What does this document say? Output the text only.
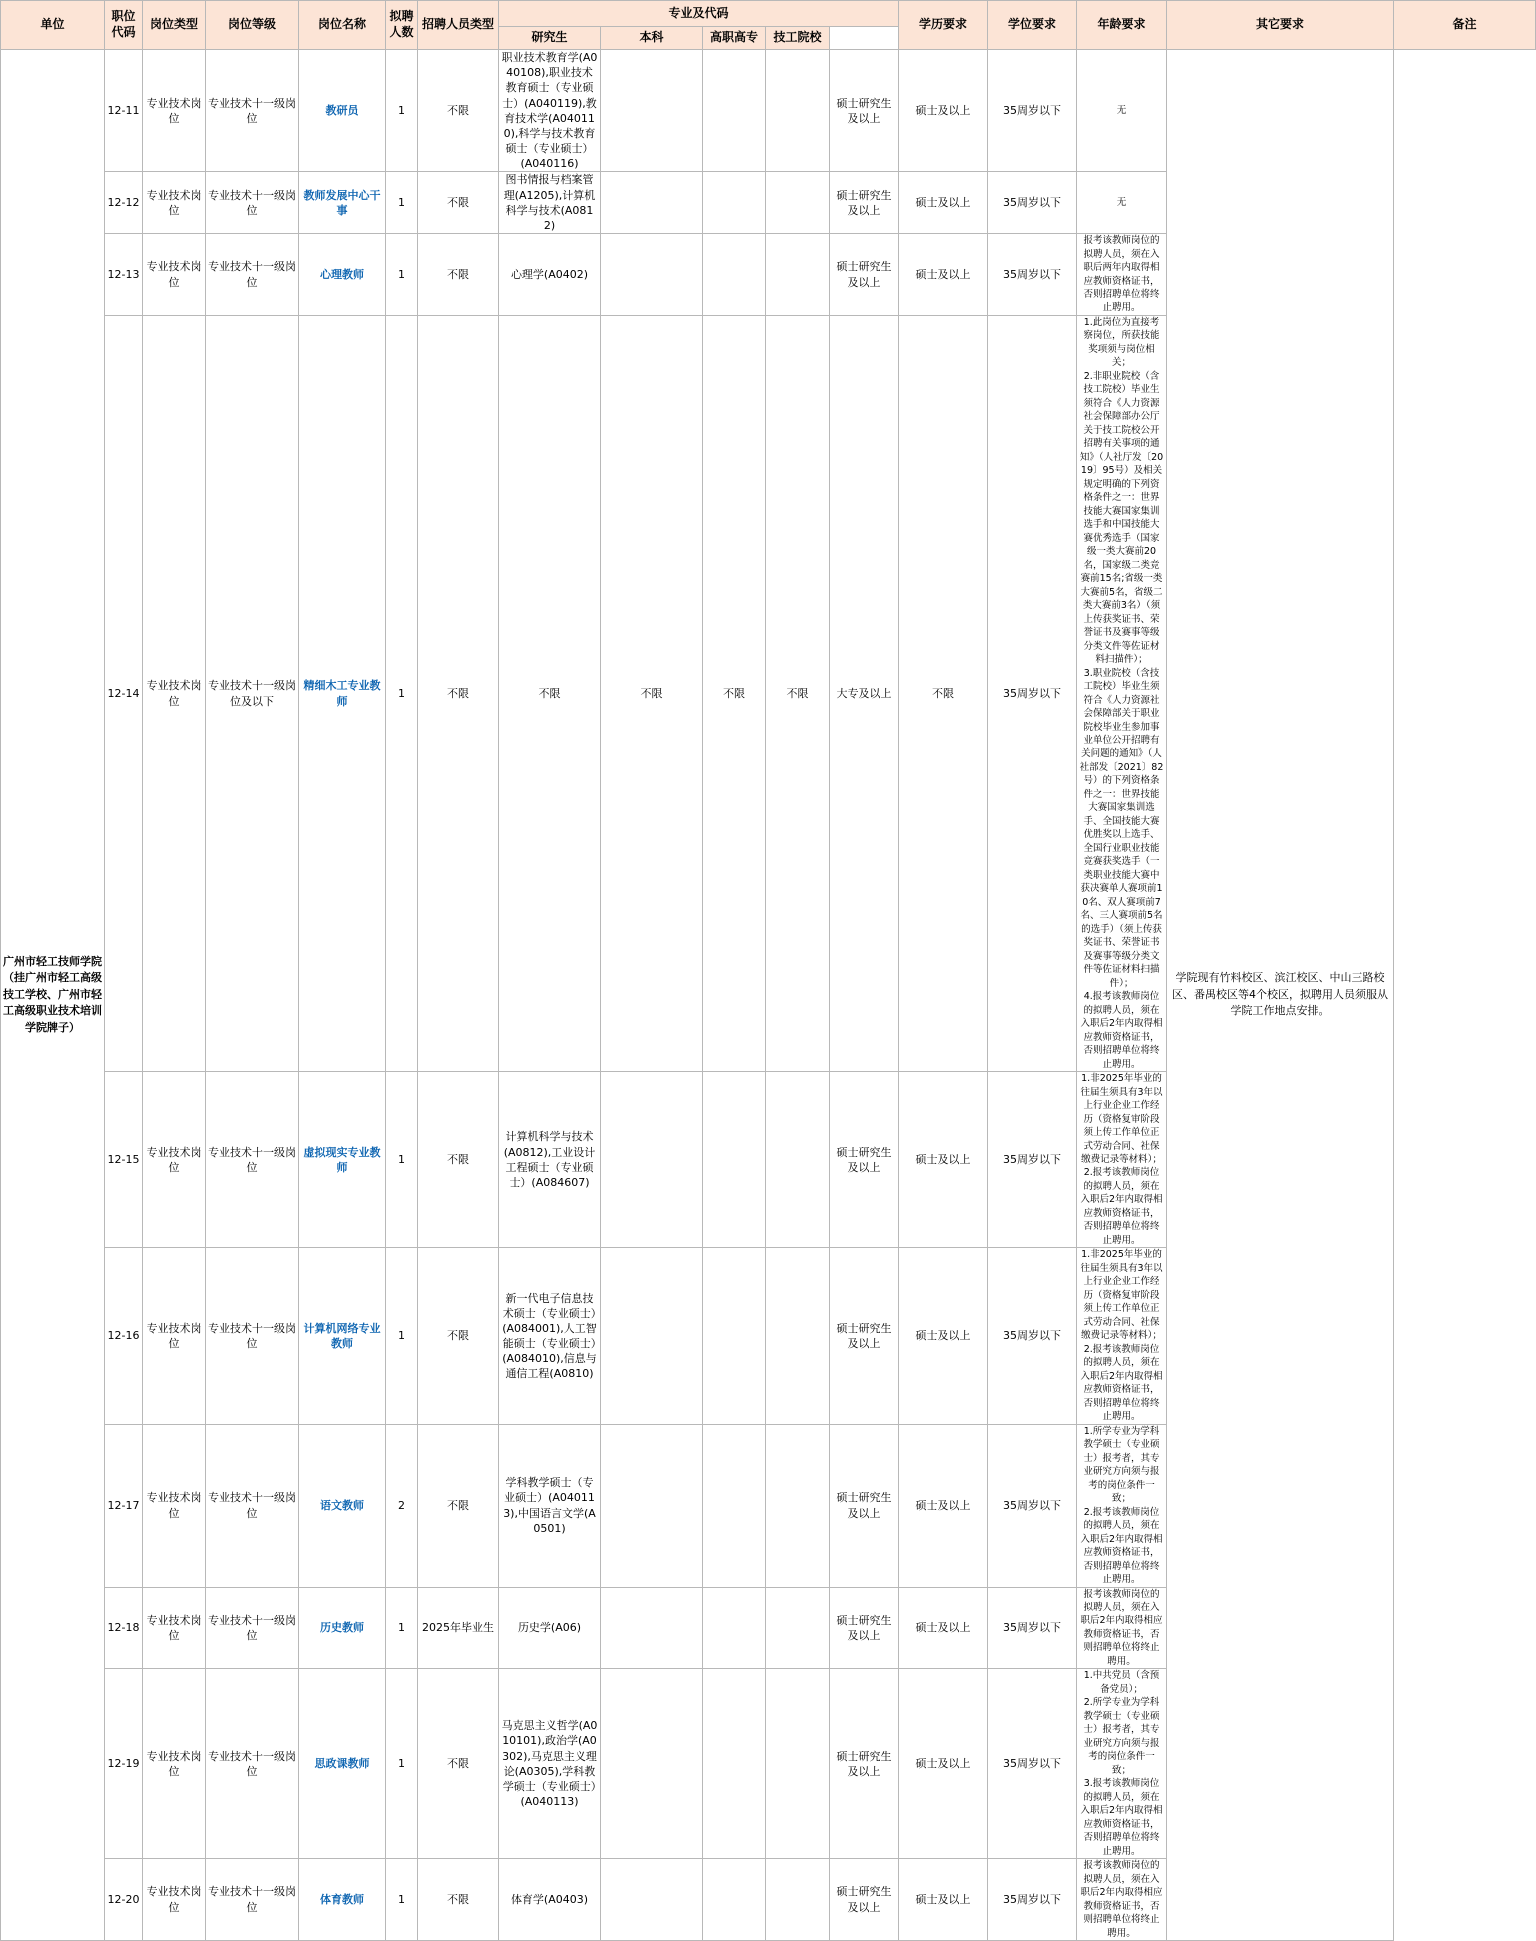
单位	职位代码	岗位类型	岗位等级	岗位名称	拟聘人数	招聘人员类型	专业及代码					学历要求	学位要求	年龄要求	其它要求	备注
							研究生	本科	高职高专	技工院校						
广州市轻工技师学院（挂广州市轻工高级技工学校、广州市轻工高级职业技术培训学院牌子）	12-11	专业技术岗位	专业技术十一级岗位	教研员	1	不限	职业技术教育学(A040108),职业技术教育硕士（专业硕士）(A040119),教育技术学(A040110),科学与技术教育硕士（专业硕士）(A040116)				硕士研究生及以上	硕士及以上	35周岁以下	无	学院现有竹料校区、滨江校区、中山三路校区、番禺校区等4个校区，拟聘用人员须服从学院工作地点安排。	
	12-12	专业技术岗位	专业技术十一级岗位	教师发展中心干事	1	不限	图书情报与档案管理(A1205),计算机科学与技术(A0812)				硕士研究生及以上	硕士及以上	35周岁以下	无		
	12-13	专业技术岗位	专业技术十一级岗位	心理教师	1	不限	心理学(A0402)				硕士研究生及以上	硕士及以上	35周岁以下	报考该教师岗位的拟聘人员，须在入职后两年内取得相应教师资格证书，否则招聘单位将终止聘用。		
	12-14	专业技术岗位	专业技术十一级岗位及以下	精细木工专业教师	1	不限	不限	不限	不限	不限	大专及以上	不限	35周岁以下	1.此岗位为直接考察岗位，所获技能奖项须与岗位相关；
2.非职业院校（含技工院校）毕业生须符合《人力资源社会保障部办公厅关于技工院校公开招聘有关事项的通知》（人社厅发〔2019〕95号）及相关规定明确的下列资格条件之一：世界技能大赛国家集训选手和中国技能大赛优秀选手（国家级一类大赛前20名，国家级二类竞赛前15名;省级一类大赛前5名，省级二类大赛前3名）（须上传获奖证书、荣誉证书及赛事等级分类文件等佐证材料扫描件）；
3.职业院校（含技工院校）毕业生须符合《人力资源社会保障部关于职业院校毕业生参加事业单位公开招聘有关问题的通知》（人社部发〔2021〕82号）的下列资格条件之一：世界技能大赛国家集训选手、全国技能大赛优胜奖以上选手、全国行业职业技能竞赛获奖选手（一类职业技能大赛中获决赛单人赛项前10名、双人赛项前7名、三人赛项前5名的选手）（须上传获奖证书、荣誉证书及赛事等级分类文件等佐证材料扫描件）；
4.报考该教师岗位的拟聘人员，须在入职后2年内取得相应教师资格证书，否则招聘单位将终止聘用。		
	12-15	专业技术岗位	专业技术十一级岗位	虚拟现实专业教师	1	不限	计算机科学与技术(A0812),工业设计工程硕士（专业硕士）(A084607)				硕士研究生及以上	硕士及以上	35周岁以下	1.非2025年毕业的往届生须具有3年以上行业企业工作经历（资格复审阶段须上传工作单位正式劳动合同、社保缴费记录等材料）；
2.报考该教师岗位的拟聘人员，须在入职后2年内取得相应教师资格证书，否则招聘单位将终止聘用。		
	12-16	专业技术岗位	专业技术十一级岗位	计算机网络专业教师	1	不限	新一代电子信息技术硕士（专业硕士）(A084001),人工智能硕士（专业硕士）(A084010),信息与通信工程(A0810)				硕士研究生及以上	硕士及以上	35周岁以下	1.非2025年毕业的往届生须具有3年以上行业企业工作经历（资格复审阶段须上传工作单位正式劳动合同、社保缴费记录等材料）；
2.报考该教师岗位的拟聘人员，须在入职后2年内取得相应教师资格证书，否则招聘单位将终止聘用。		
	12-17	专业技术岗位	专业技术十一级岗位	语文教师	2	不限	学科教学硕士（专业硕士）(A040113),中国语言文学(A0501)				硕士研究生及以上	硕士及以上	35周岁以下	1.所学专业为学科教学硕士（专业硕士）报考者，其专业研究方向须与报考的岗位条件一致；
2.报考该教师岗位的拟聘人员，须在入职后2年内取得相应教师资格证书，否则招聘单位将终止聘用。		
	12-18	专业技术岗位	专业技术十一级岗位	历史教师	1	2025年毕业生	历史学(A06)				硕士研究生及以上	硕士及以上	35周岁以下	报考该教师岗位的拟聘人员，须在入职后2年内取得相应教师资格证书，否则招聘单位将终止聘用。		
	12-19	专业技术岗位	专业技术十一级岗位	思政课教师	1	不限	马克思主义哲学(A010101),政治学(A0302),马克思主义理论(A0305),学科教学硕士（专业硕士）(A040113)				硕士研究生及以上	硕士及以上	35周岁以下	1.中共党员（含预备党员）；
2.所学专业为学科教学硕士（专业硕士）报考者，其专业研究方向须与报考的岗位条件一致；
3.报考该教师岗位的拟聘人员，须在入职后2年内取得相应教师资格证书，否则招聘单位将终止聘用。		
	12-20	专业技术岗位	专业技术十一级岗位	体育教师	1	不限	体育学(A0403)				硕士研究生及以上	硕士及以上	35周岁以下	报考该教师岗位的拟聘人员，须在入职后2年内取得相应教师资格证书，否则招聘单位将终止聘用。		
